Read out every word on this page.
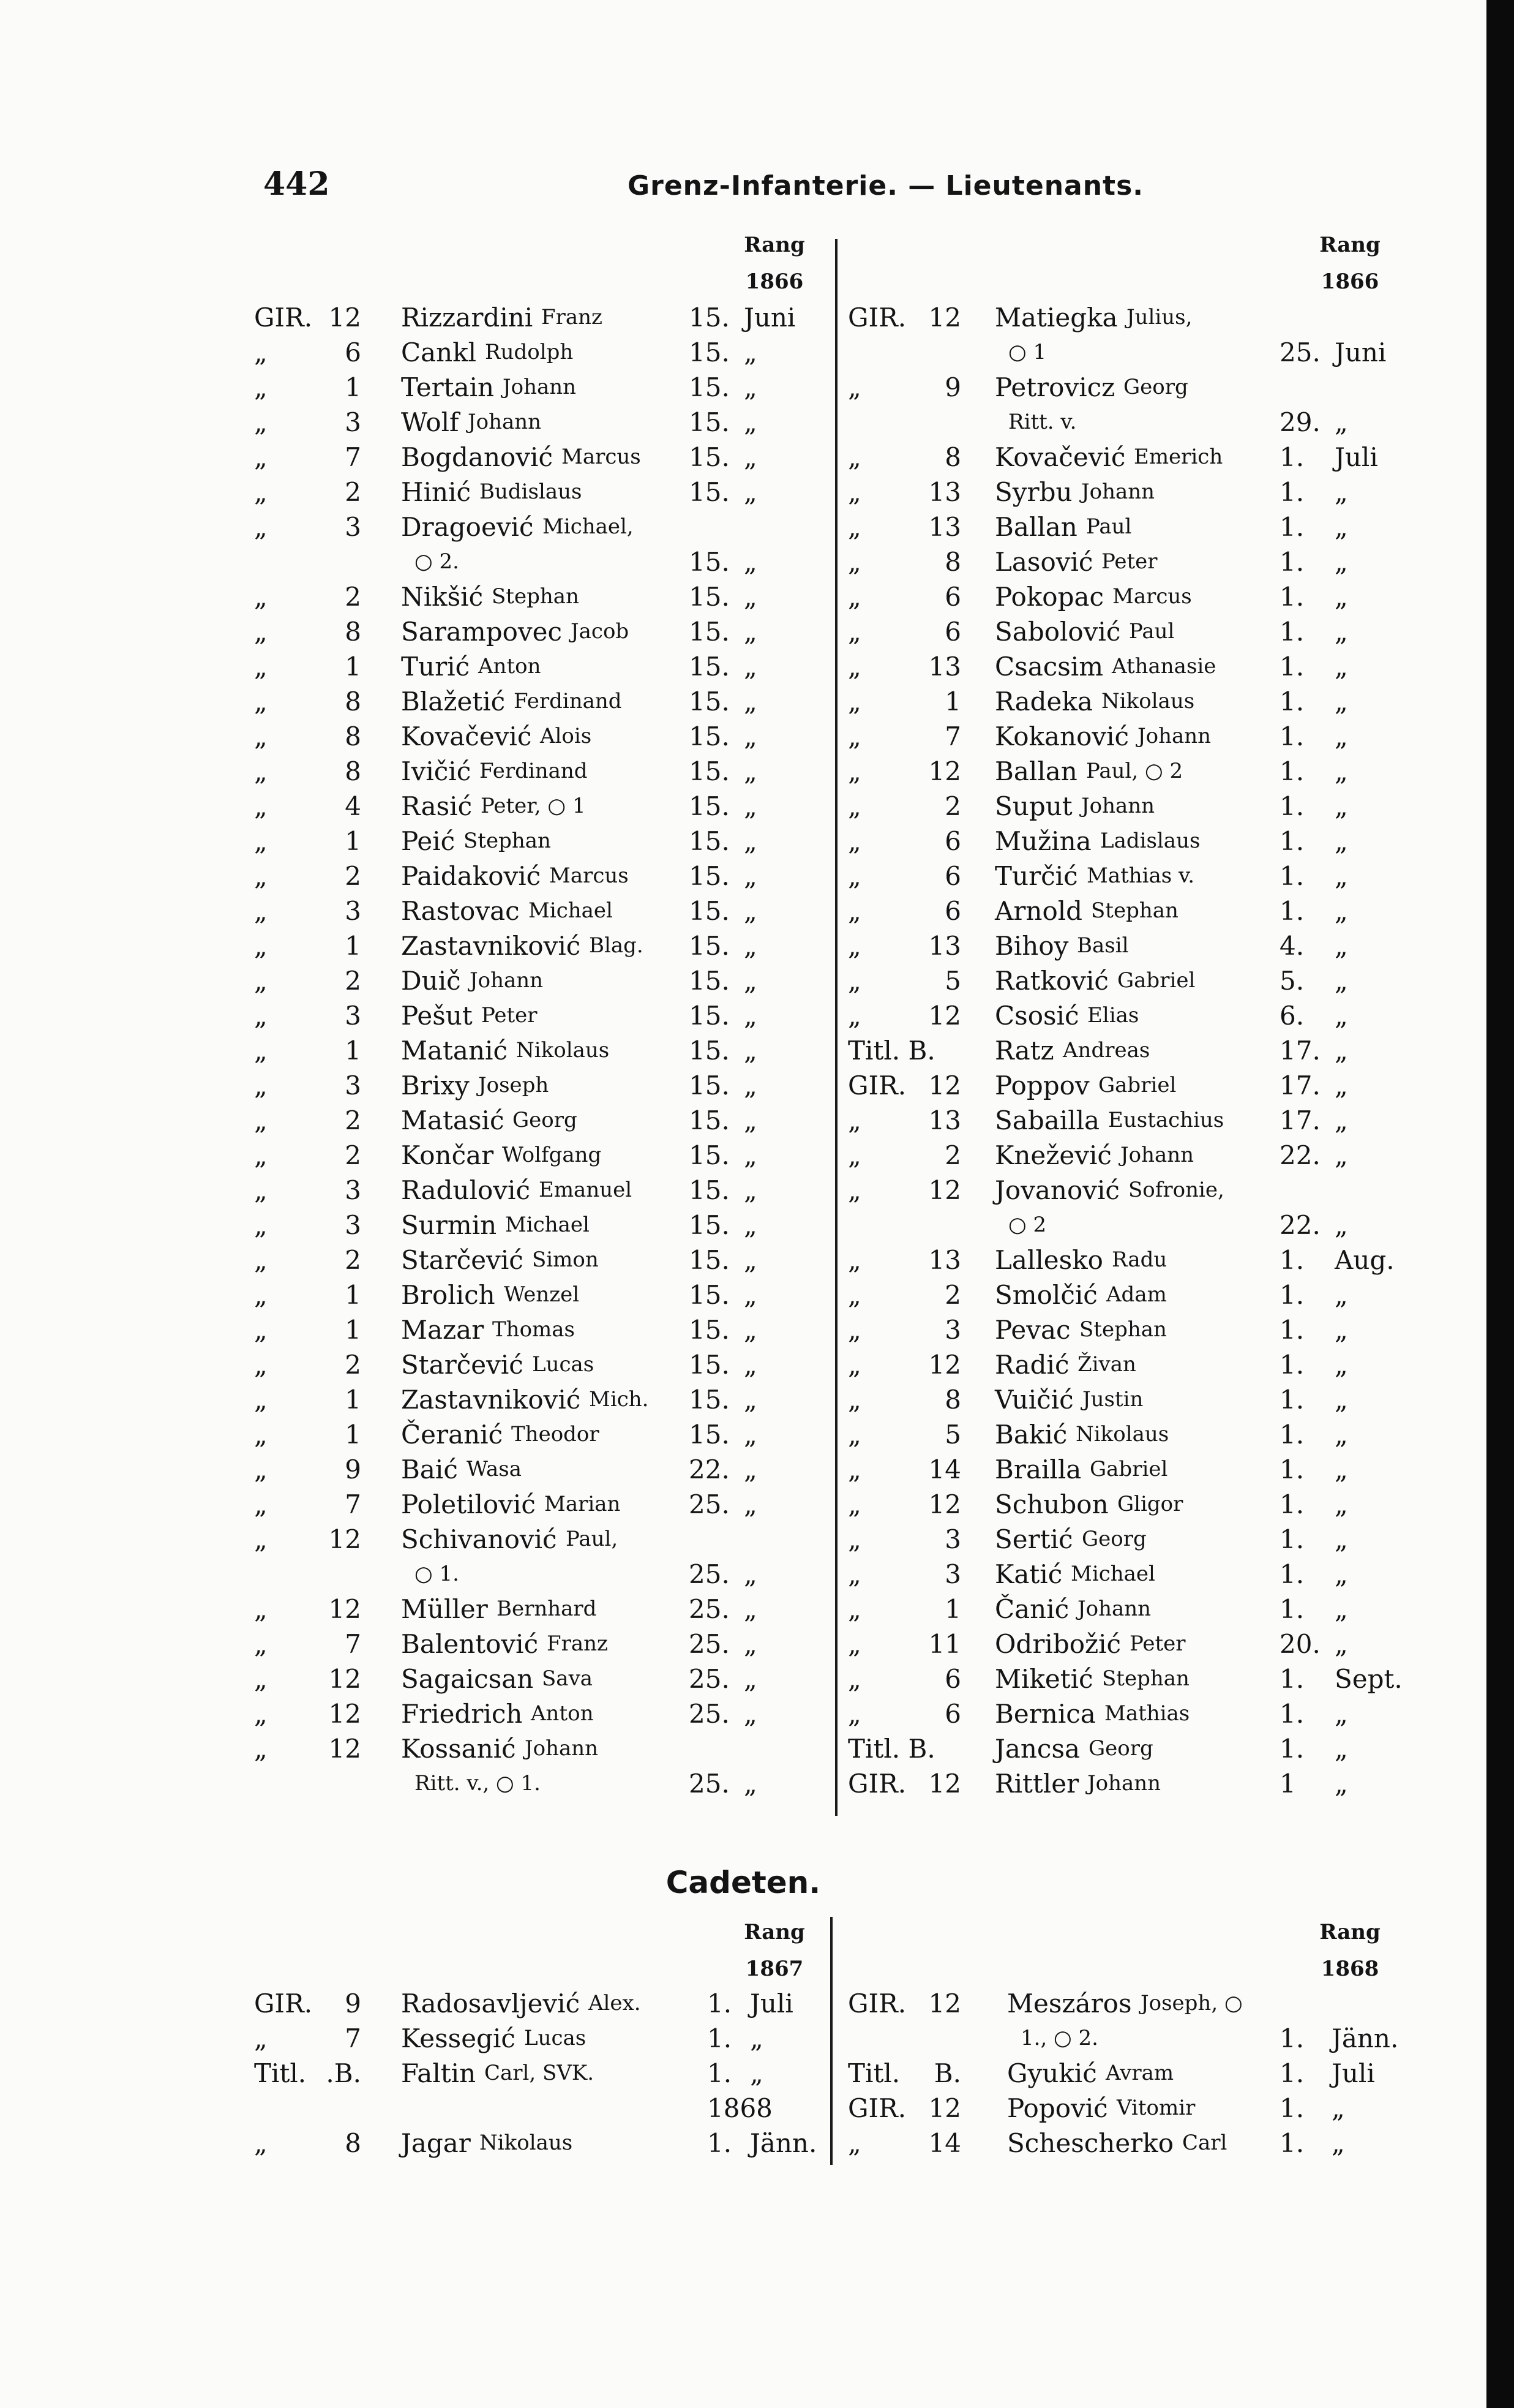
442	Grenz-Infanterie. — Lieutenants.
Rang
1866
GIR. 12 Rizzardini Franz	15. Juni
„	6 Cankl Rudolph	15. „
„	1 Tertain Johann	15. „
„	3 Wolf Johann	15. „
„	7 Bogdanović Marcus 15. „
„	2 Hinić Budislaus	15. „
„	3 Dragoević Michael,
○ 2.	15. „
„	2 Nikšić Stephan	15. „
„	8 Sarampovec Jacob 15. „
„	1 Turić Anton	15. „
„	8 Blažetić Ferdinand	15. „
„	8 Kovačević Alois	15. „
„	8 Ivičić Ferdinand	15. „
„	4 Rasić Peter, ○ 1	15. „
„	1 Peić Stephan	15. „
„	2 Paidaković Marcus 15. „
„	3 Rastovac Michael	15. „
„	1 Zastavniković Blag. 15. „
„	2 Duič Johann	15. „
„	3 Pešut Peter	15. „
„	1 Matanić Nikolaus	15. „
„	3 Brixy Joseph	15. „
„	2 Matasić Georg	15. „
„	2 Končar Wolfgang	15. „
„	3 Radulović Emanuel 15. „
„	3 Surmin Michael	15. „
„	2 Starčević Simon	15. „
„	1 Brolich Wenzel	15. „
„	1 Mazar Thomas	15. „
„	2 Starčević Lucas	15. „
„	1 Zastavniković Mich. 15. „
„	1 Čeranić Theodor	15. „
„	9 Baić Wasa	22. „
„	7 Poletilović Marian	25. „
„ 12 Schivanović Paul,
○ 1.	25. „
„ 12 Müller Bernhard	25. „
„	7 Balentović Franz	25. „
„ 12 Sagaicsan Sava	25. „
„ 12 Friedrich Anton	25. „
„ 12 Kossanić Johann
Ritt. v., ○ 1.	25. „
Rang
1866
GIR. 12 Matiegka Julius,
○ 1	25. Juni
„	9 Petrovicz Georg
Ritt. v.	29. „
„	8 Kovačević Emerich 1. Juli
„	13 Syrbu Johann	1. „
„	13 Ballan Paul	1. „
„	8 Lasović Peter	1. „
„	6 Pokopac Marcus	1. „
„	6 Sabolović Paul	1. „
„	13 Csacsim Athanasie 1. „
„	1 Radeka Nikolaus	1. „
„	7 Kokanović Johann	1. „
„	12 Ballan Paul, ○ 2	1. „
„	2 Suput Johann	1. „
„	6 Mužina Ladislaus	1. „
„	6 Turčić Mathias v.	1. „
„	6 Arnold Stephan	1. „
„	13 Bihoy Basil	4. „
„	5 Ratković Gabriel	5. „
„	12 Csosić Elias	6. „
Titl. B. Ratz Andreas	17. „
GIR. 12 Poppov Gabriel	17. „
„	13 Sabailla Eustachius 17. „
„	2 Knežević Johann	22. „
„	12 Jovanović Sofronie,
○ 2	22. „
„	13 Lallesko Radu	1. Aug.
„	2 Smolčić Adam	1. „
„	3 Pevac Stephan	1. „
„	12 Radić Živan	1. „
„	8 Vuičić Justin	1. „
„	5 Bakić Nikolaus	1. „
„	14 Brailla Gabriel	1. „
„	12 Schubon Gligor	1. „
„	3 Sertić Georg	1. „
„	3 Katić Michael	1. „
„	1 Čanić Johann	1. „
„	11 Odribožić Peter	20. „
„	6 Miketić Stephan	1. Sept.
„	6 Bernica Mathias	1. „
Titl. B. Jancsa Georg	1. „
GIR. 12 Rittler Johann	1 „
Cadeten.
Rang
1867
GIR. 9 Radosavljević Alex.	1. Juli
„	7 Kessegić Lucas	1. „
Titl. .B. Faltin Carl, SVK.	1. „
1868
„	8 Jagar Nikolaus	1. Jänn.
Rang
1868
GIR. 12 Meszáros Joseph, ○
1., ○ 2.	1. Jänn.
Titl. B. Gyukić Avram	1. Juli
GIR. 12 Popović Vitomir	1. „
„	14 Schescherko Carl 1. „
